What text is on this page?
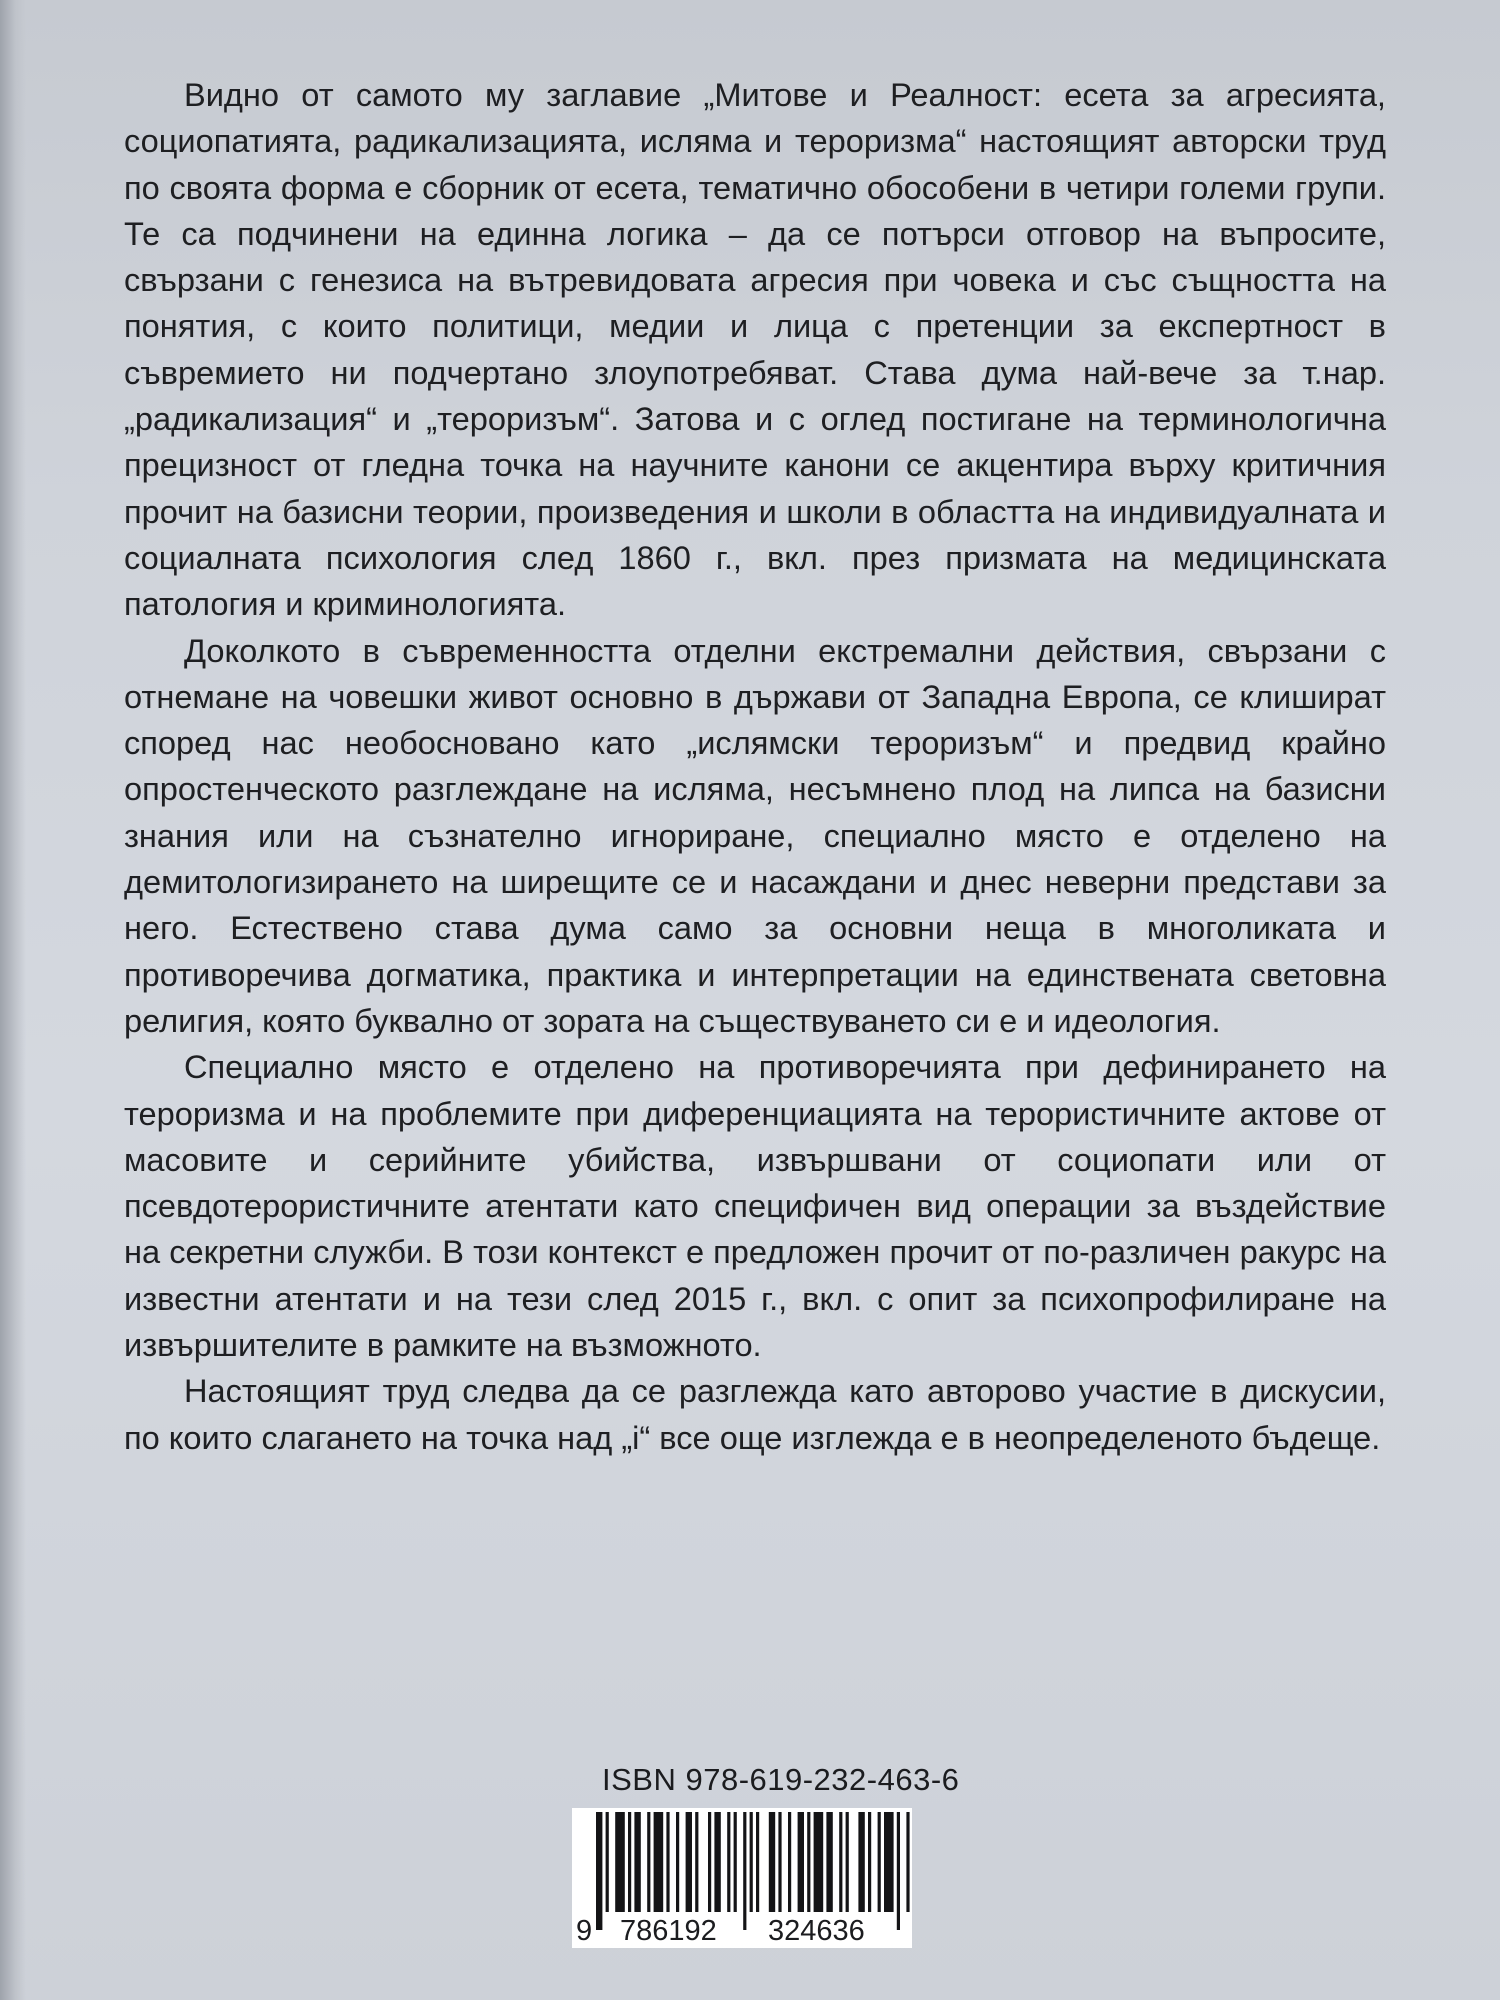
Видно от самото му заглавие „Митове и Реалност: есета за агресията, социопатията, радикализацията, исляма и тероризма“ настоящият авторски труд по своята форма е сборник от есета, тематично обособени в четири големи групи. Те са подчинени на единна логика – да се потърси отговор на въпросите, свързани с генезиса на вътревидовата агресия при човека и със същността на понятия, с които политици, медии и лица с претенции за експертност в съвремието ни подчертано злоупотребяват. Става дума най-вече за т.нар. „радикализация“ и „тероризъм“. Затова и с оглед постигане на терминологична прецизност от гледна точка на научните канони се акцентира върху критичния прочит на базисни теории, произведения и школи в областта на индивидуалната и социалната психология след 1860 г., вкл. през призмата на медицинската патология и криминологията.

Доколкото в съвременността отделни екстремални действия, свързани с отнемане на човешки живот основно в държави от Западна Европа, се клишират според нас необосновано като „ислямски тероризъм“ и предвид крайно опростенческото разглеждане на исляма, несъмнено плод на липса на базисни знания или на съзнателно игнориране, специално място е отделено на демитологизирането на ширещите се и насаждани и днес неверни представи за него. Естествено става дума само за основни неща в многоликата и противоречива догматика, практика и интерпретации на единствената световна религия, която буквално от зората на съществуването си е и идеология.

Специално място е отделено на противоречията при дефинирането на тероризма и на проблемите при диференциацията на терористичните актове от масовите и серийните убийства, извършвани от социопати или от псевдотерористичните атентати като специфичен вид операции за въздействие на секретни служби. В този контекст е предложен прочит от по-различен ракурс на известни атентати и на тези след 2015 г., вкл. с опит за психопрофилиране на извършителите в рамките на възможното.

Настоящият труд следва да се разглежда като авторово участие в дискусии, по които слагането на точка над „i“ все още изглежда е в неопределеното бъдеще.

ISBN 978-619-232-463-6
9 786192 324636
